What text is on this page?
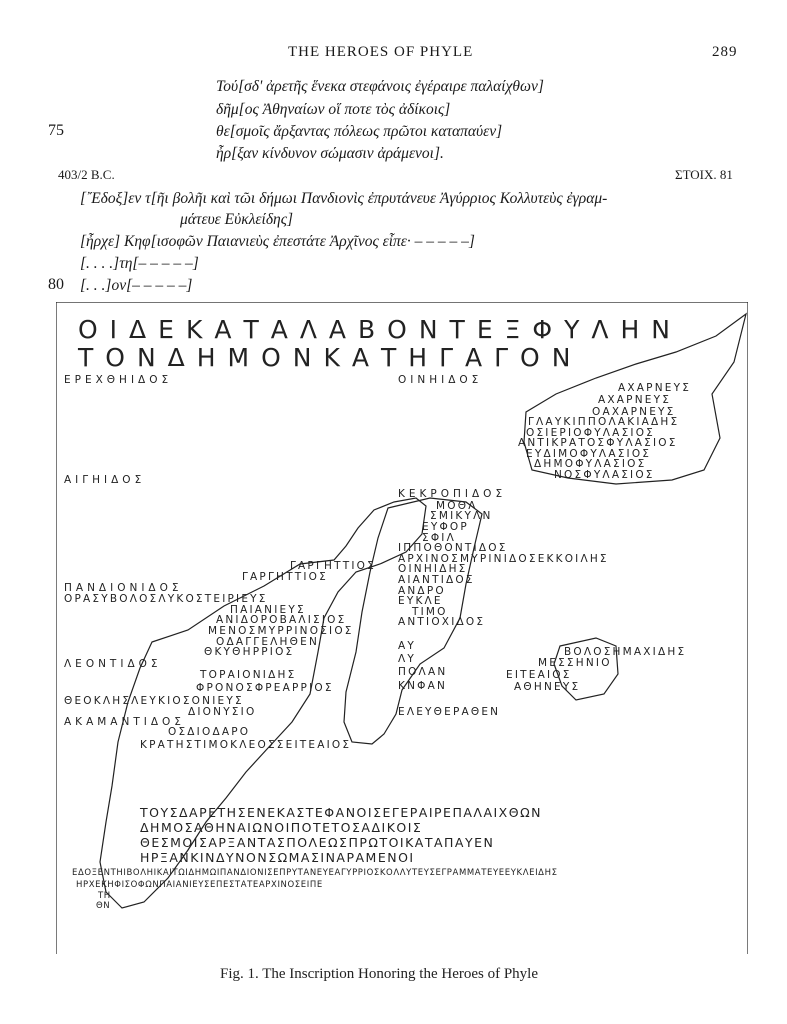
THE HEROES OF PHYLE	289
Τού[σδ' ἀρετῆς ἕνεκα στεφάνοις ἐγέραιρε παλαίχθων]
δῆμ[ος Ἀθηναίων οἵ ποτε τὸς ἀδίκοις]
75	θε[σμοῖς ἄρξαντας πόλεως πρῶτοι καταπαύεν]
ἦρ[ξαν κίνδυνον σώμασιν ἀράμενοι].
403/2 B.C.	ΣΤΟΙΧ. 81
[῎Εδοξ]εν τ[ῆι βολῆι καὶ τῶι δήμωι Πανδιονὶς ἐπρυτάνευε Ἀγύρριος Κολλυτεὺς ἐγραμ-
μάτευε Εὐκλείδης]
[ἦρχε] Κηφ[ισοφῶν Παιανιεὺς ἐπεστάτε Ἀρχῖνος εἶπε· – – – – –]
[. . . .]τη[– – – – –]
80 [. . .]ον[– – – – –]
ΟΙΔΕΚΑΤΑΛΑΒΟΝΤΕΞΦΥΛΗΝ
ΤΟΝΔΗΜΟΝΚΑΤΗΓΑΓΟΝ
ΕΡΕΧΘΗΙΔΟΣ	ΟΙΝΗΙΔΟΣ
ΑΙΓΗΙΔΟΣ
ΚΕΚΡΟΠΙΔΟΣ
ΠΑΝΔΙΟΝΙΔΟΣ
ΛΕΟΝΤΙΔΟΣ
ΑΚΑΜΑΝΤΙΔΟΣ
ΑΧΑΡΝΕΥΣ
ΑΧΑΡΝΕΥΣ
ΟΑΧΑΡΝΕΥΣ
ΓΛΑΥΚΙΠΠΟΛΑΚΙΑΔΗΣ
ΟΣΙΕΡΙΟΦΥΛΑΣΙΟΣ
ΑΝΤΙΚΡΑΤΟΣΦΥΛΑΣΙΟΣ
ΕΥΔΙΜΟΦΥΛΑΣΙΟΣ
ΔΗΜΟΦΥΛΑΣΙΟΣ
ΝΟΣΦΥΛΑΣΙΟΣ
ΜΟΘΛ
ΣΜΙΚΥΛΝ
ΕΥΦΟΡ
ΣΦΙΛ
ΙΠΠΟΘΟΝΤΙΔΟΣ
ΑΡΧΙΝΟΣΜΥΡΙΝΙΔΟΣΕΚΚΟΙΛΗΣ
ΟΙΝΗΙΔΗΣ
ΑΙΑΝΤΙΔΟΣ
ΑΝΔΡΟ
ΕΥΚΛΕ
ΤΙΜΟ
ΑΝΤΙΟΧΙΔΟΣ
ΓΑΡΓΗΤΤΙΟΣ
ΓΑΡΓΗΤΤΙΟΣ
ΟΡΑΣΥΒΟΛΟΣΛΥΚΟΣΤΕΙΡΙΕΥΣ
ΠΑΙΑΝΙΕΥΣ
ΑΝΙΔΟΡΟΒΑΛΙΣΙΟΣ
ΜΕΝΟΣΜΥΡΡΙΝΟΣΙΟΣ
ΟΔΑΓΓΕΛΗΘΕΝ
ΘΚΥΘΗΡΡΙΟΣ
ΤΟΡΑΙΟΝΙΔΗΣ
ΦΡΟΝΟΣΦΡΕΑΡΡΙΟΣ
ΘΕΟΚΛΗΣΛΕΥΚΙΟΣΟΝΙΕΥΣ
ΔΙΟΝΥΣΙΟ
ΟΣΔΙΟΔΑΡΟ
ΚΡΑΤΗΣΤΙΜΟΚΛΕΟΣΣΕΙΤΕΑΙΟΣ
ΑΥ
ΛΥ
ΠΟΛΑΝ
ΚΝΦΑΝ
ΕΛΕΥΘΕΡΑΘΕΝ
ΒΟΛΟΣΗΜΑΧΙΔΗΣ
ΜΕΣΣΗΝΙΟ
ΕΙΤΕΑΙΟΣ
ΑΘΗΝΕΥΣ
ΤΟΥΣΔΑΡΕΤΗΣΕΝΕΚΑΣΤΕΦΑΝΟΙΣΕΓΕΡΑΙΡΕΠΑΛΑΙΧΘΩΝ
ΔΗΜΟΣΑΘΗΝΑΙΩΝΟΙΠΟΤΕΤΟΣΑΔΙΚΟΙΣ
ΘΕΣΜΟΙΣΑΡΞΑΝΤΑΣΠΟΛΕΩΣΠΡΩΤΟΙΚΑΤΑΠΑΥΕΝ
ΗΡΞΑΝΚΙΝΔΥΝΟΝΣΩΜΑΣΙΝΑΡΑΜΕΝΟΙ
ΕΔΟΞΕΝΤΗΙΒΟΛΗΙΚΑΙΤΩΙΔΗΜΩΙΠΑΝΔΙΟΝΙΣΕΠΡΥΤΑΝΕΥΕΑΓΥΡΡΙΟΣΚΟΛΛΥΤΕΥΣΕΓΡΑΜΜΑΤΕΥΕΕΥΚΛΕΙΔΗΣ
ΗΡΧΕΚΗΦΙΣΟΦΩΝΠΑΙΑΝΙΕΥΣΕΠΕΣΤΑΤΕΑΡΧΙΝΟΣΕΙΠΕ
ΤΗ
ΘΝ
Fig. 1. The Inscription Honoring the Heroes of Phyle
